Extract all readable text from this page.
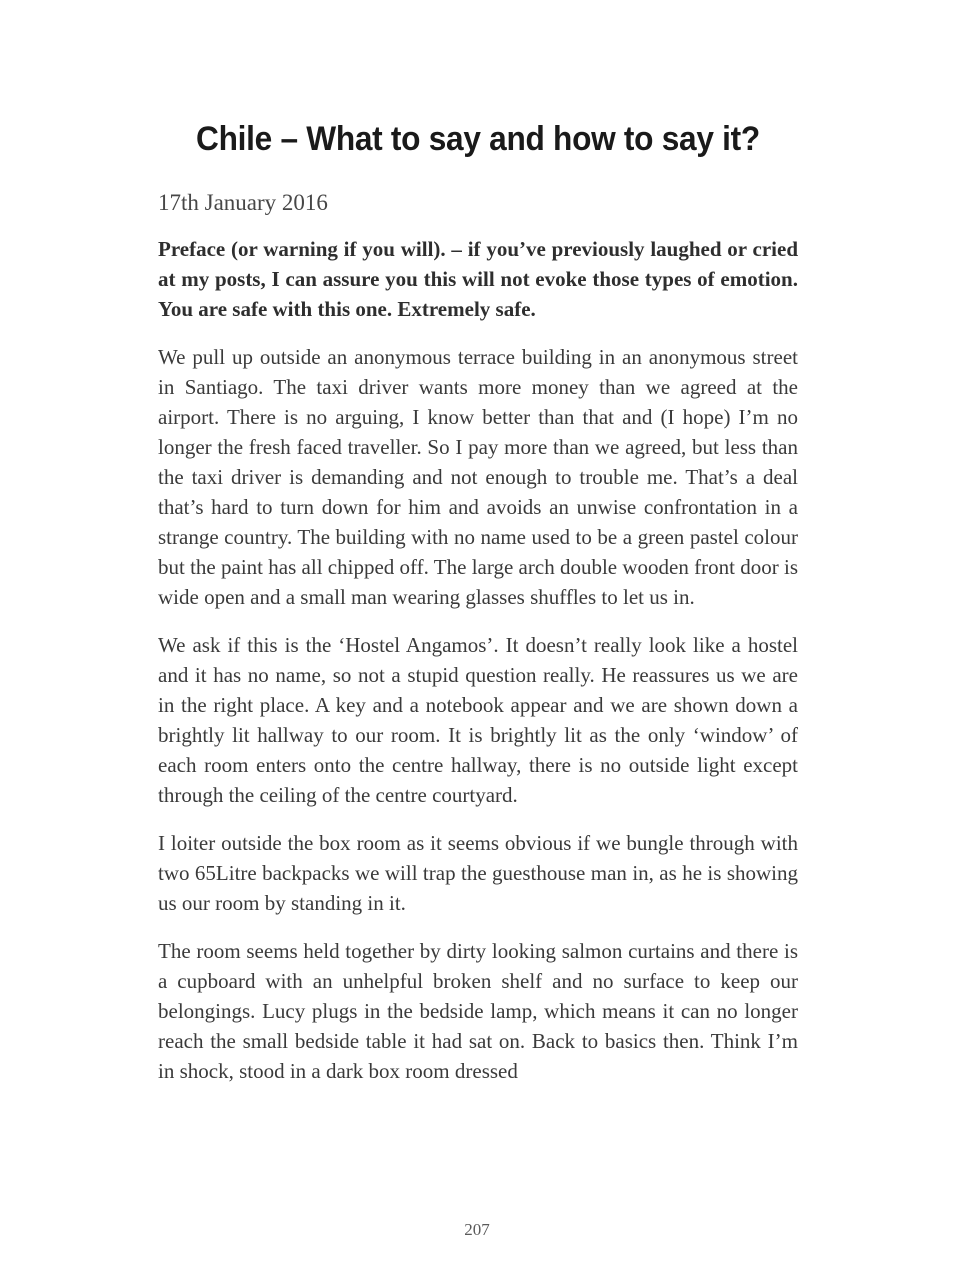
Chile – What to say and how to say it?
17th January 2016

Preface (or warning if you will). – if you’ve previously laughed or cried at my posts, I can assure you this will not evoke those types of emotion. You are safe with this one. Extremely safe.

We pull up outside an anonymous terrace building in an anonymous street in Santiago. The taxi driver wants more money than we agreed at the airport. There is no arguing, I know better than that and (I hope) I’m no longer the fresh faced traveller. So I pay more than we agreed, but less than the taxi driver is demanding and not enough to trouble me. That’s a deal that’s hard to turn down for him and avoids an unwise confrontation in a strange country. The building with no name used to be a green pastel colour but the paint has all chipped off. The large arch double wooden front door is wide open and a small man wearing glasses shuffles to let us in.

We ask if this is the ‘Hostel Angamos’. It doesn’t really look like a hostel and it has no name, so not a stupid question really. He reassures us we are in the right place. A key and a notebook appear and we are shown down a brightly lit hallway to our room. It is brightly lit as the only ‘window’ of each room enters onto the centre hallway, there is no outside light except through the ceiling of the centre courtyard.

I loiter outside the box room as it seems obvious if we bungle through with two 65Litre backpacks we will trap the guesthouse man in, as he is showing us our room by standing in it.

The room seems held together by dirty looking salmon curtains and there is a cupboard with an unhelpful broken shelf and no surface to keep our belongings. Lucy plugs in the bedside lamp, which means it can no longer reach the small bedside table it had sat on. Back to basics then. Think I’m in shock, stood in a dark box room dressed

207
